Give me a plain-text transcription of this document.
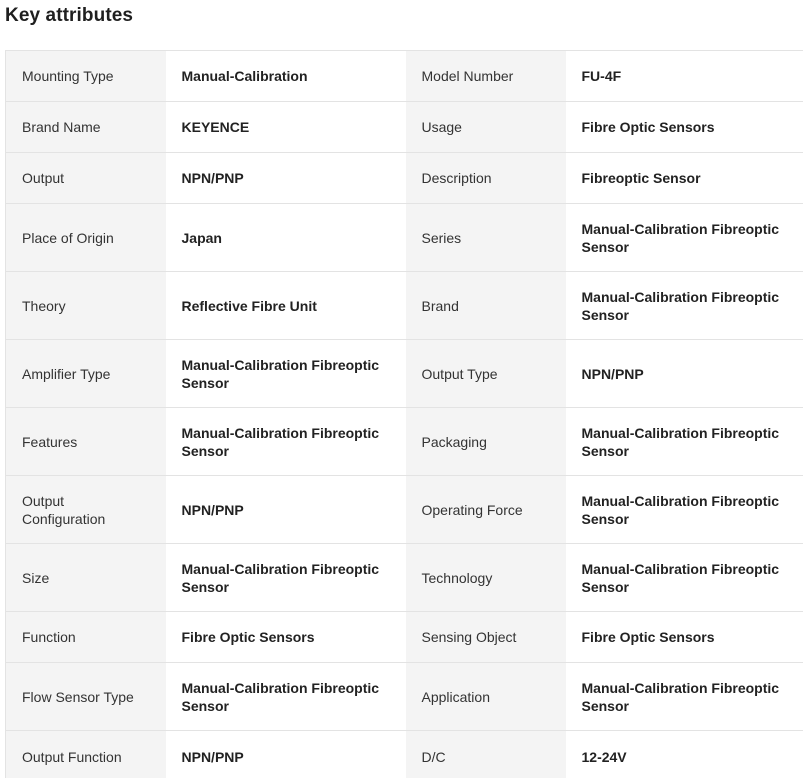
Key attributes
Mounting Type	Manual-Calibration	Model Number	FU-4F
Brand Name	KEYENCE	Usage	Fibre Optic Sensors
Output	NPN/PNP	Description	Fibreoptic Sensor
Place of Origin	Japan	Series	Manual-Calibration Fibreoptic Sensor
Theory	Reflective Fibre Unit	Brand	Manual-Calibration Fibreoptic Sensor
Amplifier Type	Manual-Calibration Fibreoptic Sensor	Output Type	NPN/PNP
Features	Manual-Calibration Fibreoptic Sensor	Packaging	Manual-Calibration Fibreoptic Sensor
Output Configuration	NPN/PNP	Operating Force	Manual-Calibration Fibreoptic Sensor
Size	Manual-Calibration Fibreoptic Sensor	Technology	Manual-Calibration Fibreoptic Sensor
Function	Fibre Optic Sensors	Sensing Object	Fibre Optic Sensors
Flow Sensor Type	Manual-Calibration Fibreoptic Sensor	Application	Manual-Calibration Fibreoptic Sensor
Output Function	NPN/PNP	D/C	12-24V
